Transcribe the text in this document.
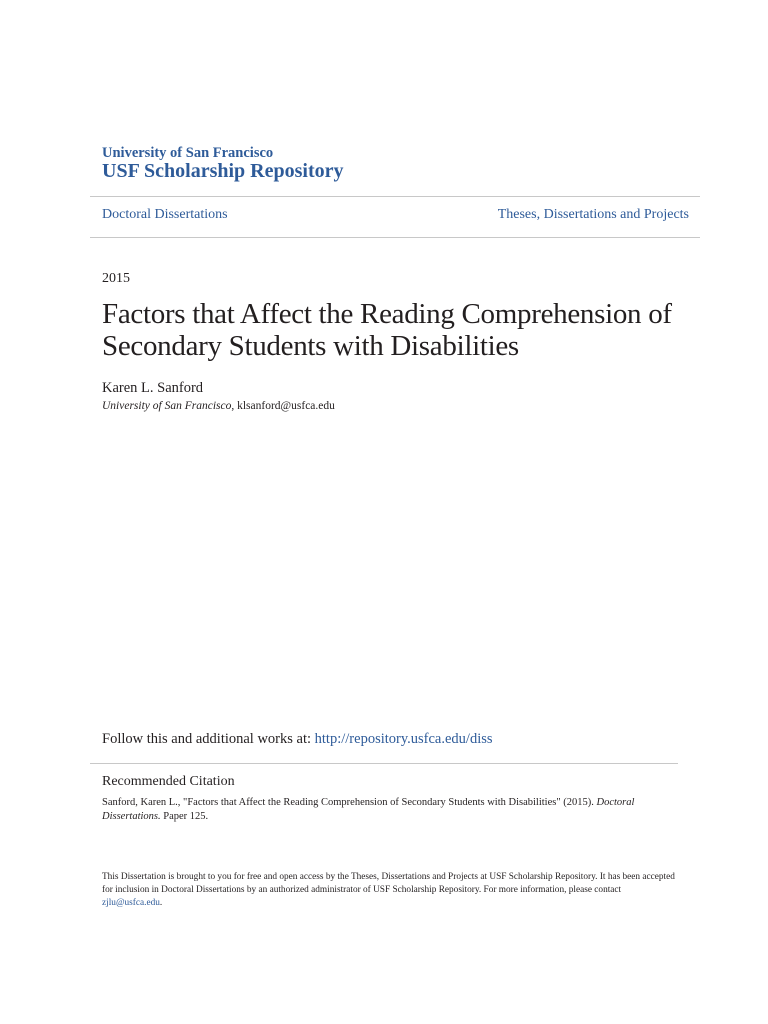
University of San Francisco

USF Scholarship Repository

Doctoral Dissertations	Theses, Dissertations and Projects

2015

Factors that Affect the Reading Comprehension of Secondary Students with Disabilities

Karen L. Sanford

University of San Francisco, klsanford@usfca.edu

Follow this and additional works at: http://repository.usfca.edu/diss

Recommended Citation

Sanford, Karen L., "Factors that Affect the Reading Comprehension of Secondary Students with Disabilities" (2015). Doctoral Dissertations. Paper 125.

This Dissertation is brought to you for free and open access by the Theses, Dissertations and Projects at USF Scholarship Repository. It has been accepted for inclusion in Doctoral Dissertations by an authorized administrator of USF Scholarship Repository. For more information, please contact zjlu@usfca.edu.
